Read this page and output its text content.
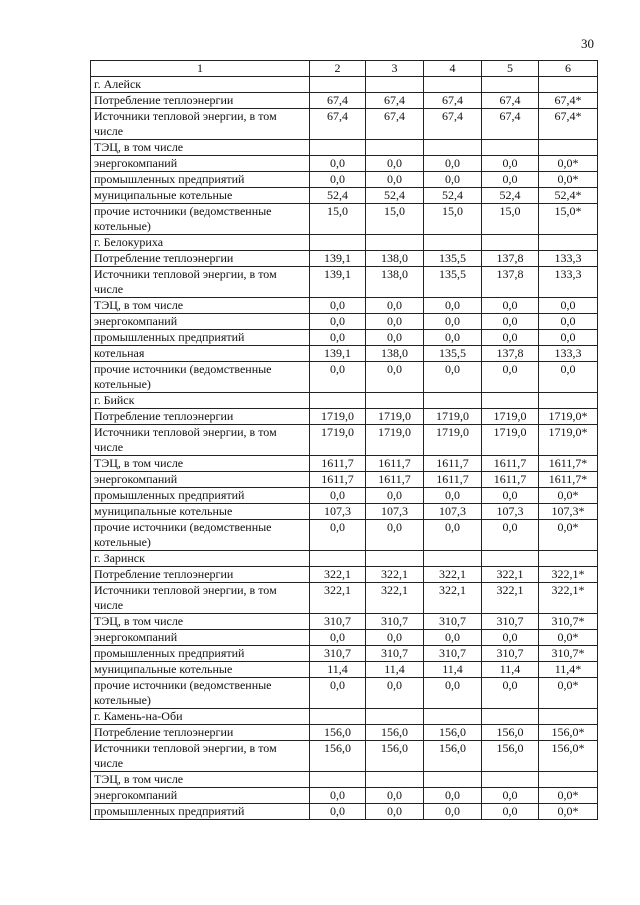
30
1	2	3	4	5	6
г. Алейск					
Потребление теплоэнергии	67,4	67,4	67,4	67,4	67,4*
Источники тепловой энергии, в том числе	67,4	67,4	67,4	67,4	67,4*
ТЭЦ, в том числе					
энергокомпаний	0,0	0,0	0,0	0,0	0,0*
промышленных предприятий	0,0	0,0	0,0	0,0	0,0*
муниципальные котельные	52,4	52,4	52,4	52,4	52,4*
прочие источники (ведомственные котельные)	15,0	15,0	15,0	15,0	15,0*
г. Белокуриха					
Потребление теплоэнергии	139,1	138,0	135,5	137,8	133,3
Источники тепловой энергии, в том числе	139,1	138,0	135,5	137,8	133,3
ТЭЦ, в том числе	0,0	0,0	0,0	0,0	0,0
энергокомпаний	0,0	0,0	0,0	0,0	0,0
промышленных предприятий	0,0	0,0	0,0	0,0	0,0
котельная	139,1	138,0	135,5	137,8	133,3
прочие источники (ведомственные котельные)	0,0	0,0	0,0	0,0	0,0
г. Бийск					
Потребление теплоэнергии	1719,0	1719,0	1719,0	1719,0	1719,0*
Источники тепловой энергии, в том числе	1719,0	1719,0	1719,0	1719,0	1719,0*
ТЭЦ, в том числе	1611,7	1611,7	1611,7	1611,7	1611,7*
энергокомпаний	1611,7	1611,7	1611,7	1611,7	1611,7*
промышленных предприятий	0,0	0,0	0,0	0,0	0,0*
муниципальные котельные	107,3	107,3	107,3	107,3	107,3*
прочие источники (ведомственные котельные)	0,0	0,0	0,0	0,0	0,0*
г. Заринск					
Потребление теплоэнергии	322,1	322,1	322,1	322,1	322,1*
Источники тепловой энергии, в том числе	322,1	322,1	322,1	322,1	322,1*
ТЭЦ, в том числе	310,7	310,7	310,7	310,7	310,7*
энергокомпаний	0,0	0,0	0,0	0,0	0,0*
промышленных предприятий	310,7	310,7	310,7	310,7	310,7*
муниципальные котельные	11,4	11,4	11,4	11,4	11,4*
прочие источники (ведомственные котельные)	0,0	0,0	0,0	0,0	0,0*
г. Камень-на-Оби					
Потребление теплоэнергии	156,0	156,0	156,0	156,0	156,0*
Источники тепловой энергии, в том числе	156,0	156,0	156,0	156,0	156,0*
ТЭЦ, в том числе					
энергокомпаний	0,0	0,0	0,0	0,0	0,0*
промышленных предприятий	0,0	0,0	0,0	0,0	0,0*
